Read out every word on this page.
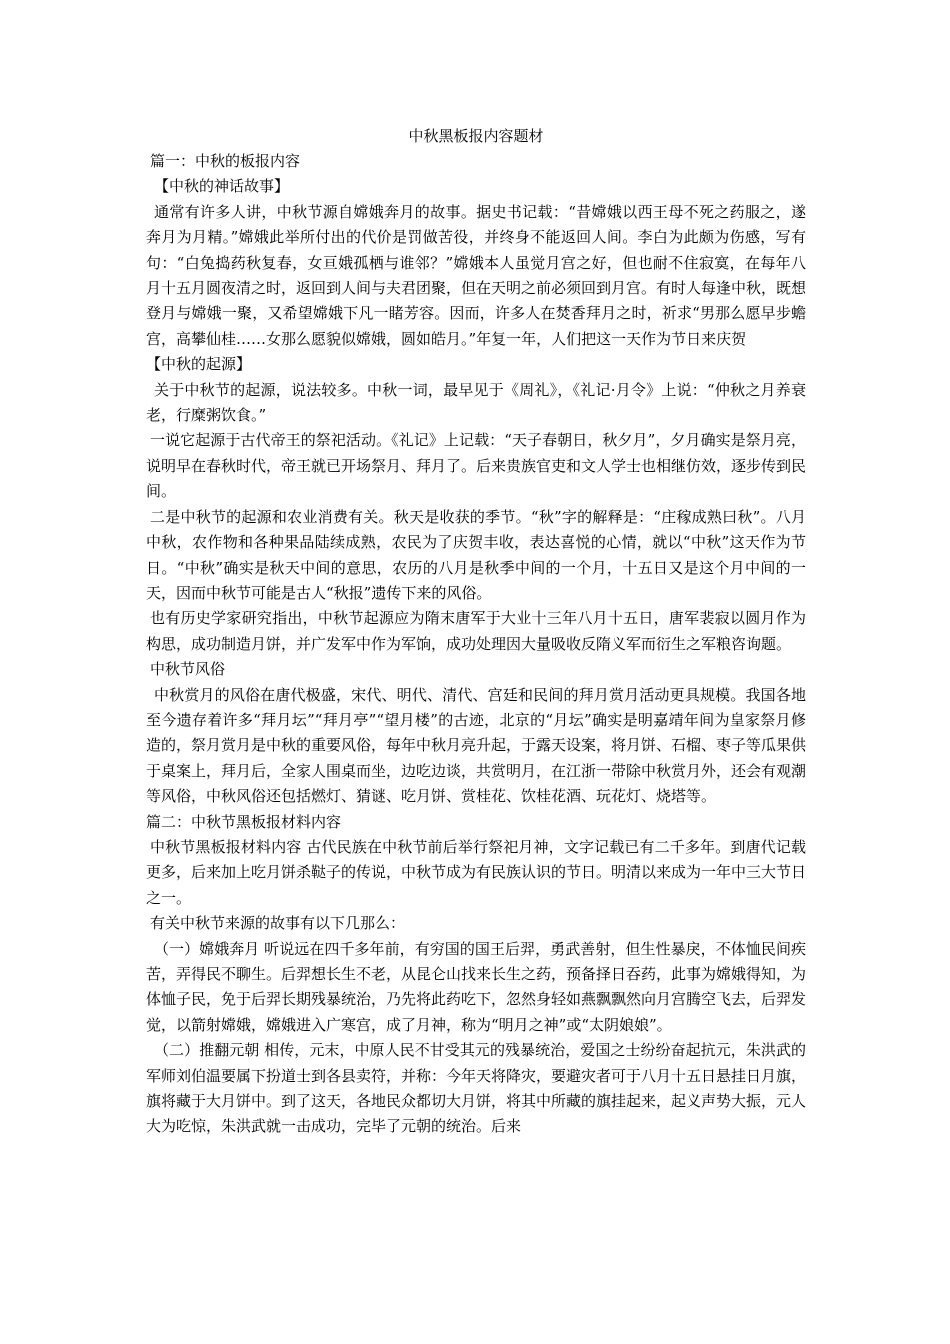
中秋黑板报内容题材

篇一：中秋的板报内容

【中秋的神话故事】

通常有许多人讲，中秋节源自嫦娥奔月的故事。据史书记载：“昔嫦娥以西王母不死之药服之，遂奔月为月精。”嫦娥此举所付出的代价是罚做苦役，并终身不能返回人间。李白为此颇为伤感，写有句：“白兔捣药秋复春，女亘娥孤栖与谁邻？”嫦娥本人虽觉月宫之好，但也耐不住寂寞，在每年八月十五月圆夜清之时，返回到人间与夫君团聚，但在天明之前必须回到月宫。有时人每逢中秋，既想登月与嫦娥一聚，又希望嫦娥下凡一睹芳容。因而，许多人在焚香拜月之时，祈求“男那么愿早步蟾宫，高攀仙桂……女那么愿貌似嫦娥，圆如皓月。”年复一年，人们把这一天作为节日来庆贺

【中秋的起源】

关于中秋节的起源，说法较多。中秋一词，最早见于《周礼》，《礼记·月令》上说：“仲秋之月养衰老，行糜粥饮食。”

一说它起源于古代帝王的祭祀活动。《礼记》上记载：“天子春朝日，秋夕月”，夕月确实是祭月亮，说明早在春秋时代，帝王就已开场祭月、拜月了。后来贵族官吏和文人学士也相继仿效，逐步传到民间。

二是中秋节的起源和农业消费有关。秋天是收获的季节。“秋”字的解释是：“庄稼成熟曰秋”。八月中秋，农作物和各种果品陆续成熟，农民为了庆贺丰收，表达喜悦的心情，就以“中秋”这天作为节日。“中秋”确实是秋天中间的意思，农历的八月是秋季中间的一个月，十五日又是这个月中间的一天，因而中秋节可能是古人“秋报”遗传下来的风俗。

也有历史学家研究指出，中秋节起源应为隋末唐军于大业十三年八月十五日，唐军裴寂以圆月作为构思，成功制造月饼，并广发军中作为军饷，成功处理因大量吸收反隋义军而衍生之军粮咨询题。

中秋节风俗

中秋赏月的风俗在唐代极盛，宋代、明代、清代、宫廷和民间的拜月赏月活动更具规模。我国各地至今遗存着许多“拜月坛”“拜月亭”“望月楼”的古迹，北京的“月坛”确实是明嘉靖年间为皇家祭月修造的，祭月赏月是中秋的重要风俗，每年中秋月亮升起，于露天设案，将月饼、石榴、枣子等瓜果供于桌案上，拜月后，全家人围桌而坐，边吃边谈，共赏明月，在江浙一带除中秋赏月外，还会有观潮等风俗，中秋风俗还包括燃灯、猜谜、吃月饼、赏桂花、饮桂花酒、玩花灯、烧塔等。

篇二：中秋节黑板报材料内容

中秋节黑板报材料内容 古代民族在中秋节前后举行祭祀月神，文字记载已有二千多年。到唐代记载更多，后来加上吃月饼杀鞑子的传说，中秋节成为有民族认识的节日。明清以来成为一年中三大节日之一。

有关中秋节来源的故事有以下几那么：

（一）嫦娥奔月 听说远在四千多年前，有穷国的国王后羿，勇武善射，但生性暴戾，不体恤民间疾苦，弄得民不聊生。后羿想长生不老，从昆仑山找来长生之药，预备择日吞药，此事为嫦娥得知，为体恤子民，免于后羿长期残暴统治，乃先将此药吃下，忽然身轻如燕飘飘然向月宫腾空飞去，后羿发觉，以箭射嫦娥，嫦娥进入广寒宫，成了月神，称为“明月之神”或“太阴娘娘”。

（二）推翻元朝 相传，元末，中原人民不甘受其元的残暴统治，爱国之士纷纷奋起抗元，朱洪武的军师刘伯温要属下扮道士到各县卖符，并称：今年天将降灾，要避灾者可于八月十五日悬挂日月旗，旗将藏于大月饼中。到了这天，各地民众都切大月饼，将其中所藏的旗挂起来，起义声势大振，元人大为吃惊，朱洪武就一击成功，完毕了元朝的统治。后来
